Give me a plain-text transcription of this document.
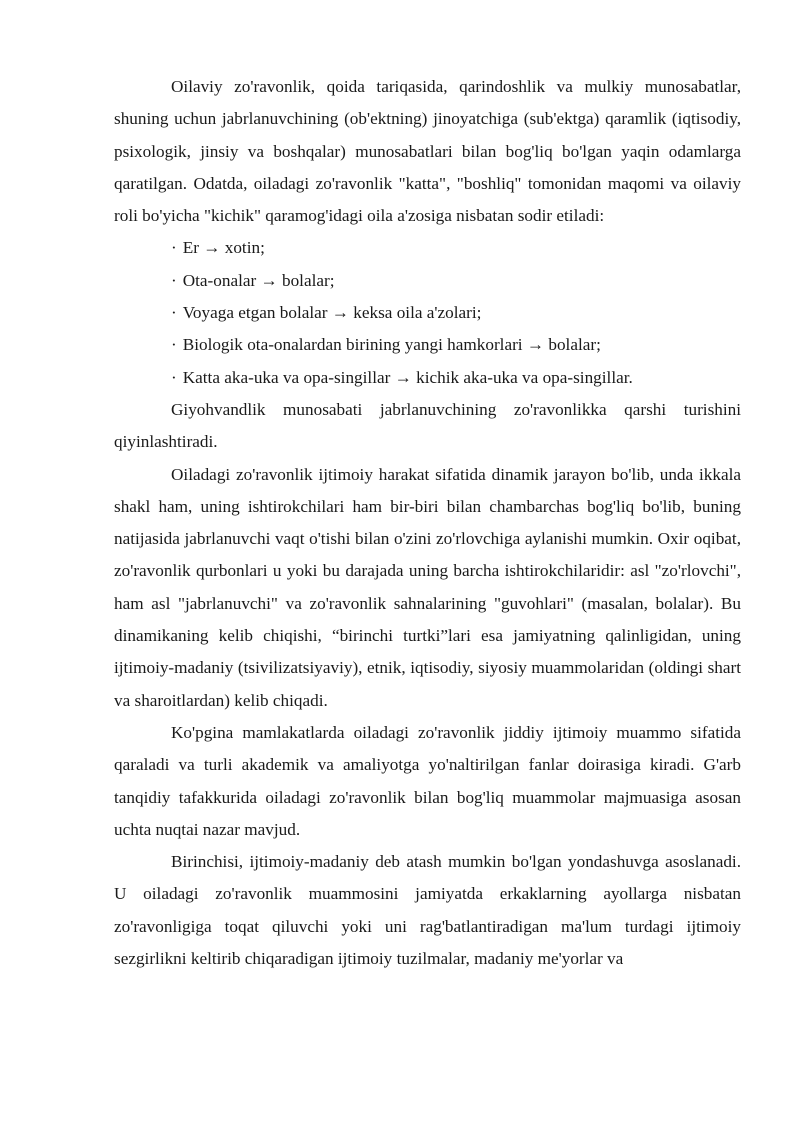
Oilaviy zo'ravonlik, qoida tariqasida, qarindoshlik va mulkiy munosabatlar, shuning uchun jabrlanuvchining (ob'ektning) jinoyatchiga (sub'ektga) qaramlik (iqtisodiy, psixologik, jinsiy va boshqalar) munosabatlari bilan bog'liq bo'lgan yaqin odamlarga qaratilgan. Odatda, oiladagi zo'ravonlik "katta", "boshliq" tomonidan maqomi va oilaviy roli bo'yicha "kichik" qaramog'idagi oila a'zosiga nisbatan sodir etiladi:

· Er → xotin;
· Ota-onalar → bolalar;
· Voyaga etgan bolalar → keksa oila a'zolari;
· Biologik ota-onalardan birining yangi hamkorlari → bolalar;
· Katta aka-uka va opa-singillar → kichik aka-uka va opa-singillar.

Giyohvandlik munosabati jabrlanuvchining zo'ravonlikka qarshi turishini qiyinlashtiradi.

Oiladagi zo'ravonlik ijtimoiy harakat sifatida dinamik jarayon bo'lib, unda ikkala shakl ham, uning ishtirokchilari ham bir-biri bilan chambarchas bog'liq bo'lib, buning natijasida jabrlanuvchi vaqt o'tishi bilan o'zini zo'rlovchiga aylanishi mumkin. Oxir oqibat, zo'ravonlik qurbonlari u yoki bu darajada uning barcha ishtirokchilaridir: asl "zo'rlovchi", ham asl "jabrlanuvchi" va zo'ravonlik sahnalarining "guvohlari" (masalan, bolalar). Bu dinamikaning kelib chiqishi, “birinchi turtki”lari esa jamiyatning qalinligidan, uning ijtimoiy-madaniy (tsivilizatsiyaviy), etnik, iqtisodiy, siyosiy muammolaridan (oldingi shart va sharoitlardan) kelib chiqadi.

Ko'pgina mamlakatlarda oiladagi zo'ravonlik jiddiy ijtimoiy muammo sifatida qaraladi va turli akademik va amaliyotga yo'naltirilgan fanlar doirasiga kiradi. G'arb tanqidiy tafakkurida oiladagi zo'ravonlik bilan bog'liq muammolar majmuasiga asosan uchta nuqtai nazar mavjud.

Birinchisi, ijtimoiy-madaniy deb atash mumkin bo'lgan yondashuvga asoslanadi. U oiladagi zo'ravonlik muammosini jamiyatda erkaklarning ayollarga nisbatan zo'ravonligiga toqat qiluvchi yoki uni rag'batlantiradigan ma'lum turdagi ijtimoiy sezgirlikni keltirib chiqaradigan ijtimoiy tuzilmalar, madaniy me'yorlar va
